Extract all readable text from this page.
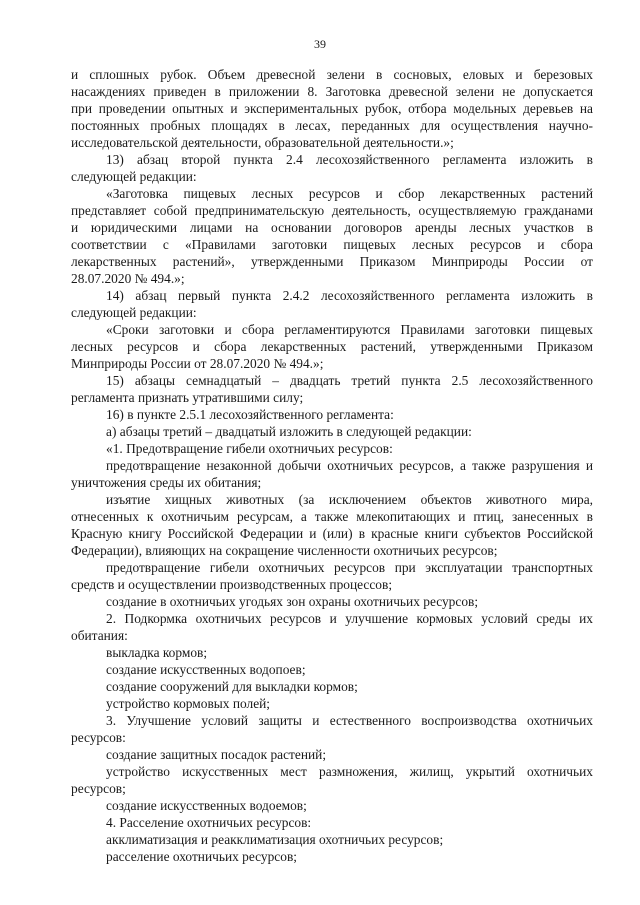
39
и сплошных рубок. Объем древесной зелени в сосновых, еловых и березовых
насаждениях приведен в приложении 8. Заготовка древесной зелени не допускается
при проведении опытных и экспериментальных рубок, отбора модельных деревьев на
постоянных пробных площадях в лесах, переданных для осуществления научно-
исследовательской деятельности, образовательной деятельности.»;
13) абзац второй пункта 2.4 лесохозяйственного регламента изложить в
следующей редакции:
«Заготовка пищевых лесных ресурсов и сбор лекарственных растений
представляет собой предпринимательскую деятельность, осуществляемую гражданами
и юридическими лицами на основании договоров аренды лесных участков в
соответствии с «Правилами заготовки пищевых лесных ресурсов и сбора
лекарственных растений», утвержденными Приказом Минприроды России от
28.07.2020 № 494.»;
14) абзац первый пункта 2.4.2 лесохозяйственного регламента изложить в
следующей редакции:
«Сроки заготовки и сбора регламентируются Правилами заготовки пищевых
лесных ресурсов и сбора лекарственных растений, утвержденными Приказом
Минприроды России от 28.07.2020 № 494.»;
15) абзацы семнадцатый – двадцать третий пункта 2.5 лесохозяйственного
регламента признать утратившими силу;
16) в пункте 2.5.1 лесохозяйственного регламента:
а) абзацы третий – двадцатый изложить в следующей редакции:
«1. Предотвращение гибели охотничьих ресурсов:
предотвращение незаконной добычи охотничьих ресурсов, а также разрушения и
уничтожения среды их обитания;
изъятие хищных животных (за исключением объектов животного мира,
отнесенных к охотничьим ресурсам, а также млекопитающих и птиц, занесенных в
Красную книгу Российской Федерации и (или) в красные книги субъектов Российской
Федерации), влияющих на сокращение численности охотничьих ресурсов;
предотвращение гибели охотничьих ресурсов при эксплуатации транспортных
средств и осуществлении производственных процессов;
создание в охотничьих угодьях зон охраны охотничьих ресурсов;
2. Подкормка охотничьих ресурсов и улучшение кормовых условий среды их
обитания:
выкладка кормов;
создание искусственных водопоев;
создание сооружений для выкладки кормов;
устройство кормовых полей;
3. Улучшение условий защиты и естественного воспроизводства охотничьих
ресурсов:
создание защитных посадок растений;
устройство искусственных мест размножения, жилищ, укрытий охотничьих
ресурсов;
создание искусственных водоемов;
4. Расселение охотничьих ресурсов:
акклиматизация и реакклиматизация охотничьих ресурсов;
расселение охотничьих ресурсов;
